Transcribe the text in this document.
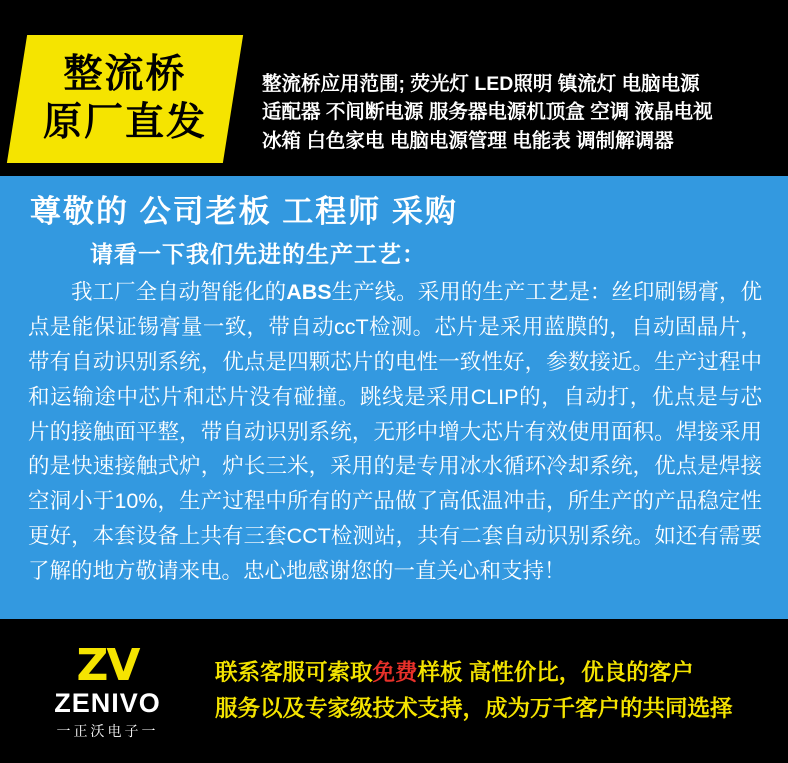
整流桥
原厂直发
整流桥应用范围; 荧光灯 LED照明 镇流灯 电脑电源
适配器 不间断电源 服务器电源机顶盒 空调 液晶电视
冰箱 白色家电 电脑电源管理 电能表 调制解调器
尊敬的 公司老板 工程师 采购
请看一下我们先进的生产工艺：
我工厂全自动智能化的ABS生产线。采用的生产工艺是：丝印刷锡膏，优点是能保证锡膏量一致，带自动ccT检测。芯片是采用蓝膜的，自动固晶片，带有自动识别系统，优点是四颗芯片的电性一致性好，参数接近。生产过程中和运输途中芯片和芯片没有碰撞。跳线是采用CLIP的，自动打，优点是与芯片的接触面平整，带自动识别系统，无形中增大芯片有效使用面积。焊接采用的是快速接触式炉，炉长三米，采用的是专用冰水循环冷却系统，优点是焊接空洞小于10%，生产过程中所有的产品做了高低温冲击，所生产的产品稳定性更好，本套设备上共有三套CCT检测站，共有二套自动识别系统。如还有需要了解的地方敬请来电。忠心地感谢您的一直关心和支持！
ZV
ZENIVO
一正沃电子一
联系客服可索取免费样板 高性价比，优良的客户
服务以及专家级技术支持，成为万千客户的共同选择
